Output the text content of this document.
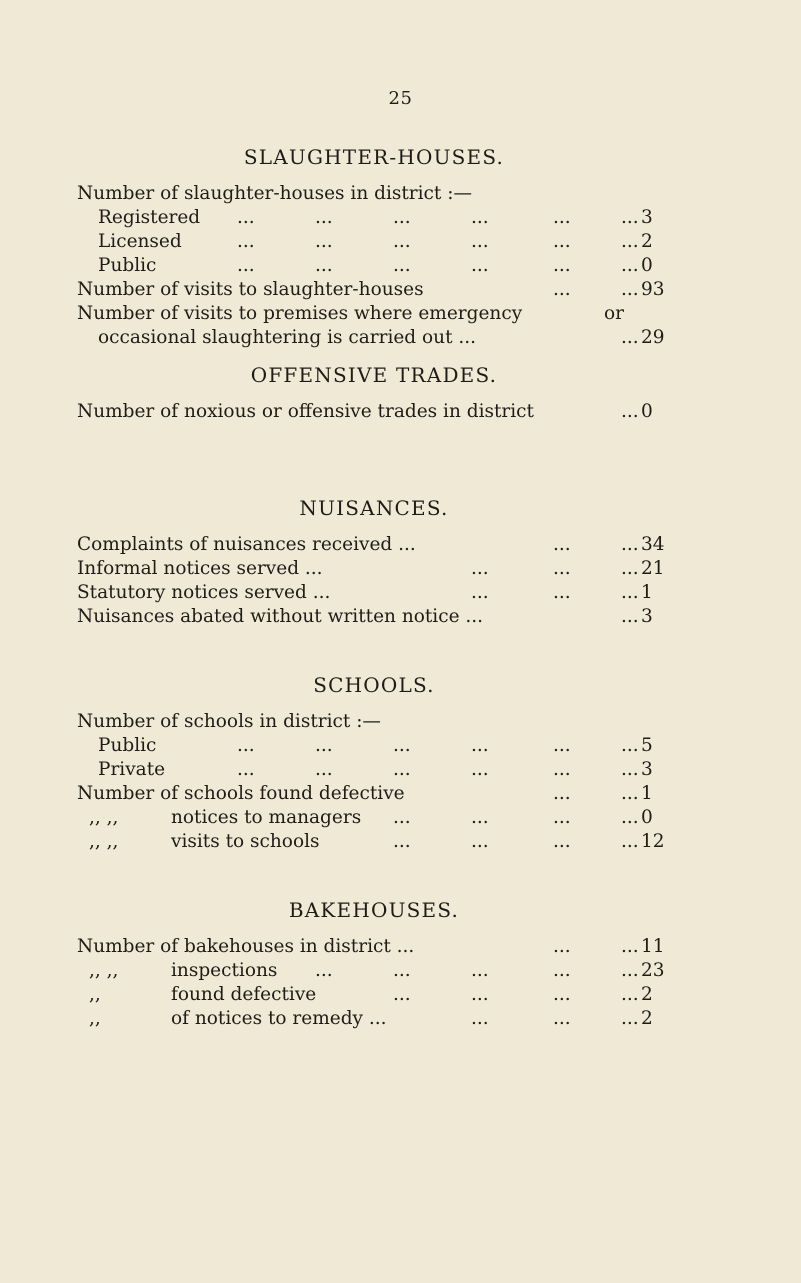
25
SLAUGHTER-HOUSES.
Number of slaughter-houses in district :—
Registered ...	...	...	...	...	... 3
Licensed	...	...	...	...	...	... 2
Public	...	...	...	...	...	... 0
Number of visits to slaughter-houses	...	... 93
Number of visits to premises where emergency	or
occasional slaughtering is carried out ...	... 29
OFFENSIVE TRADES.
Number of noxious or offensive trades in district	... 0
NUISANCES.
Complaints of nuisances received ...	...	... 34
Informal notices served ...	...	...	... 21
Statutory notices served ...	...	...	... 1
Nuisances abated without written notice ...	... 3
SCHOOLS.
Number of schools in district :—
Public	...	...	...	...	...	... 5
Private	...	...	...	...	...	... 3
Number of schools found defective	...	... 1
,, ,,	notices to managers ...	...	...	... 0
,, ,,	visits to schools	...	...	...	... 12
BAKEHOUSES.
Number of bakehouses in district ...	...	... 11
,, ,,	inspections ...	...	...	...	... 23
,,	found defective	...	...	...	... 2
,,	of notices to remedy ...	...	...	... 2
